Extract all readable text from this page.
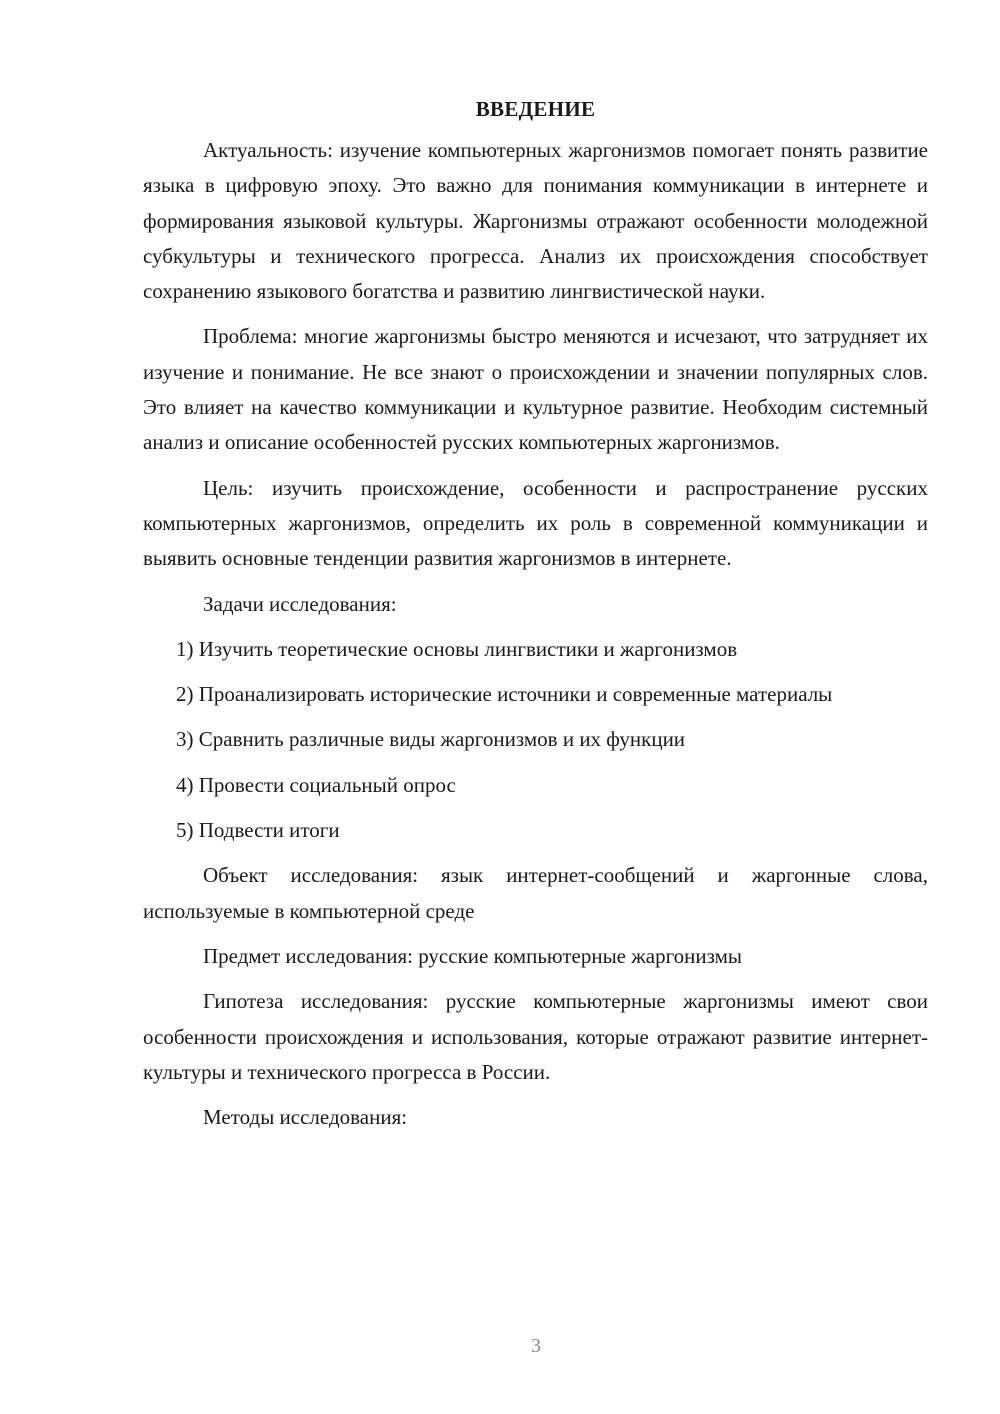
ВВЕДЕНИЕ

Актуальность: изучение компьютерных жаргонизмов помогает понять развитие языка в цифровую эпоху. Это важно для понимания коммуникации в интернете и формирования языковой культуры. Жаргонизмы отражают особенности молодежной субкультуры и технического прогресса. Анализ их происхождения способствует сохранению языкового богатства и развитию лингвистической науки.

Проблема: многие жаргонизмы быстро меняются и исчезают, что затрудняет их изучение и понимание. Не все знают о происхождении и значении популярных слов. Это влияет на качество коммуникации и культурное развитие. Необходим системный анализ и описание особенностей русских компьютерных жаргонизмов.

Цель: изучить происхождение, особенности и распространение русских компьютерных жаргонизмов, определить их роль в современной коммуникации и выявить основные тенденции развития жаргонизмов в интернете.

Задачи исследования:

1) Изучить теоретические основы лингвистики и жаргонизмов

2) Проанализировать исторические источники и современные материалы

3) Сравнить различные виды жаргонизмов и их функции

4) Провести социальный опрос

5) Подвести итоги

Объект исследования: язык интернет-сообщений и жаргонные слова, используемые в компьютерной среде

Предмет исследования: русские компьютерные жаргонизмы

Гипотеза исследования: русские компьютерные жаргонизмы имеют свои особенности происхождения и использования, которые отражают развитие интернет-культуры и технического прогресса в России.

Методы исследования:

3
